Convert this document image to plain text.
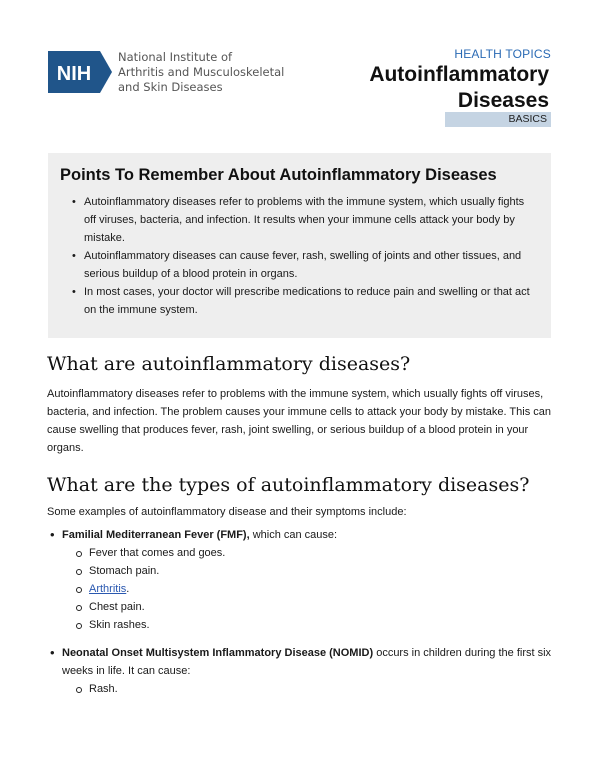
NIH
National Institute of
Arthritis and Musculoskeletal
and Skin Diseases
HEALTH TOPICS
Autoinflammatory
Diseases
BASICS
Points To Remember About Autoinflammatory Diseases
• Autoinflammatory diseases refer to problems with the immune system, which usually fights off viruses, bacteria, and infection. It results when your immune cells attack your body by mistake.
• Autoinflammatory diseases can cause fever, rash, swelling of joints and other tissues, and serious buildup of a blood protein in organs.
• In most cases, your doctor will prescribe medications to reduce pain and swelling or that act on the immune system.
What are autoinflammatory diseases?
Autoinflammatory diseases refer to problems with the immune system, which usually fights off viruses, bacteria, and infection. The problem causes your immune cells to attack your body by mistake. This can cause swelling that produces fever, rash, joint swelling, or serious buildup of a blood protein in your organs.
What are the types of autoinflammatory diseases?
Some examples of autoinflammatory disease and their symptoms include:
• Familial Mediterranean Fever (FMF), which can cause:
Fever that comes and goes.
Stomach pain.
Arthritis.
Chest pain.
Skin rashes.
• Neonatal Onset Multisystem Inflammatory Disease (NOMID) occurs in children during the first six weeks in life. It can cause:
Rash.
